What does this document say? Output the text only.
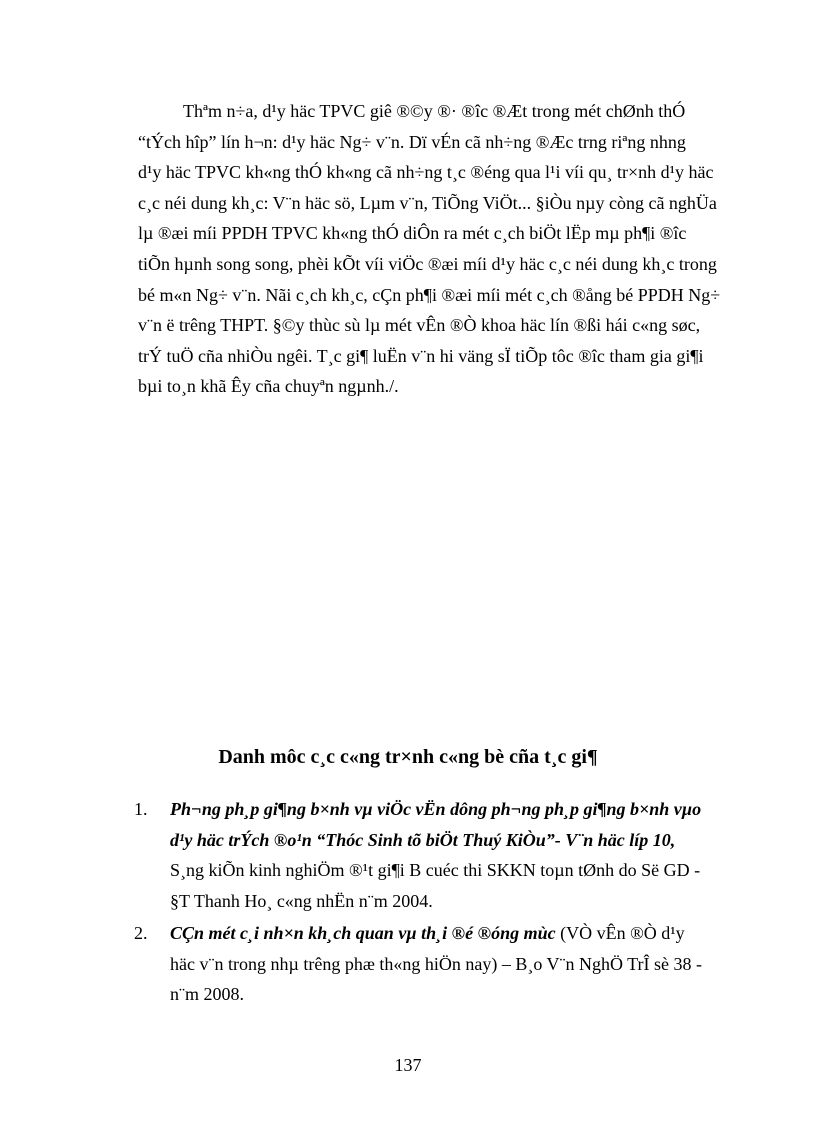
Thªm n÷a, d¹y häc TPVC giê ®©y ®· ®îc ®Æt trong mét chØnh thÓ
“tÝch hîp” lín h¬n: d¹y häc Ng÷ v¨n. Dï vÉn cã nh÷ng ®Æc trng riªng nhng
d¹y häc TPVC kh«ng thÓ kh«ng cã nh÷ng t¸c ®éng qua l¹i víi qu¸ tr×nh d¹y häc
c¸c néi dung kh¸c: V¨n häc sö, Lµm v¨n, TiÕng ViÖt... §iÒu nµy còng cã nghÜa
lµ ®æi míi PPDH TPVC kh«ng thÓ diÔn ra mét c¸ch biÖt lËp mµ ph¶i ®îc
tiÕn hµnh song song, phèi kÕt víi viÖc ®æi míi d¹y häc c¸c néi dung kh¸c trong
bé m«n Ng÷ v¨n. Nãi c¸ch kh¸c, cÇn ph¶i ®æi míi mét c¸ch ®ång bé PPDH Ng÷
v¨n ë trêng THPT. §©y thùc sù lµ mét vÊn ®Ò khoa häc lín ®ßi hái c«ng søc,
trÝ tuÖ cña nhiÒu ngêi. T¸c gi¶ luËn v¨n hi väng sÏ tiÕp tôc ®îc tham gia gi¶i
bµi to¸n khã Êy cña chuyªn ngµnh./.
Danh môc c¸c c«ng tr×nh c«ng bè cña t¸c gi¶
1. Ph¬ng ph¸p gi¶ng b×nh vµ viÖc vËn dông ph¬ng ph¸p gi¶ng b×nh vµo
d¹y häc trÝch ®o¹n “Thóc Sinh tõ biÖt Thuý KiÒu”- V¨n häc líp 10,
S¸ng kiÕn kinh nghiÖm ®¹t gi¶i B cuéc thi SKKN toµn tØnh do Së GD -
§T Thanh Ho¸ c«ng nhËn n¨m 2004.
2. CÇn mét c¸i nh×n kh¸ch quan vµ th¸i ®é ®óng mùc (VÒ vÊn ®Ò d¹y
häc v¨n trong nhµ trêng phæ th«ng hiÖn nay) – B¸o V¨n NghÖ TrÎ sè 38 -
n¨m 2008.
137
